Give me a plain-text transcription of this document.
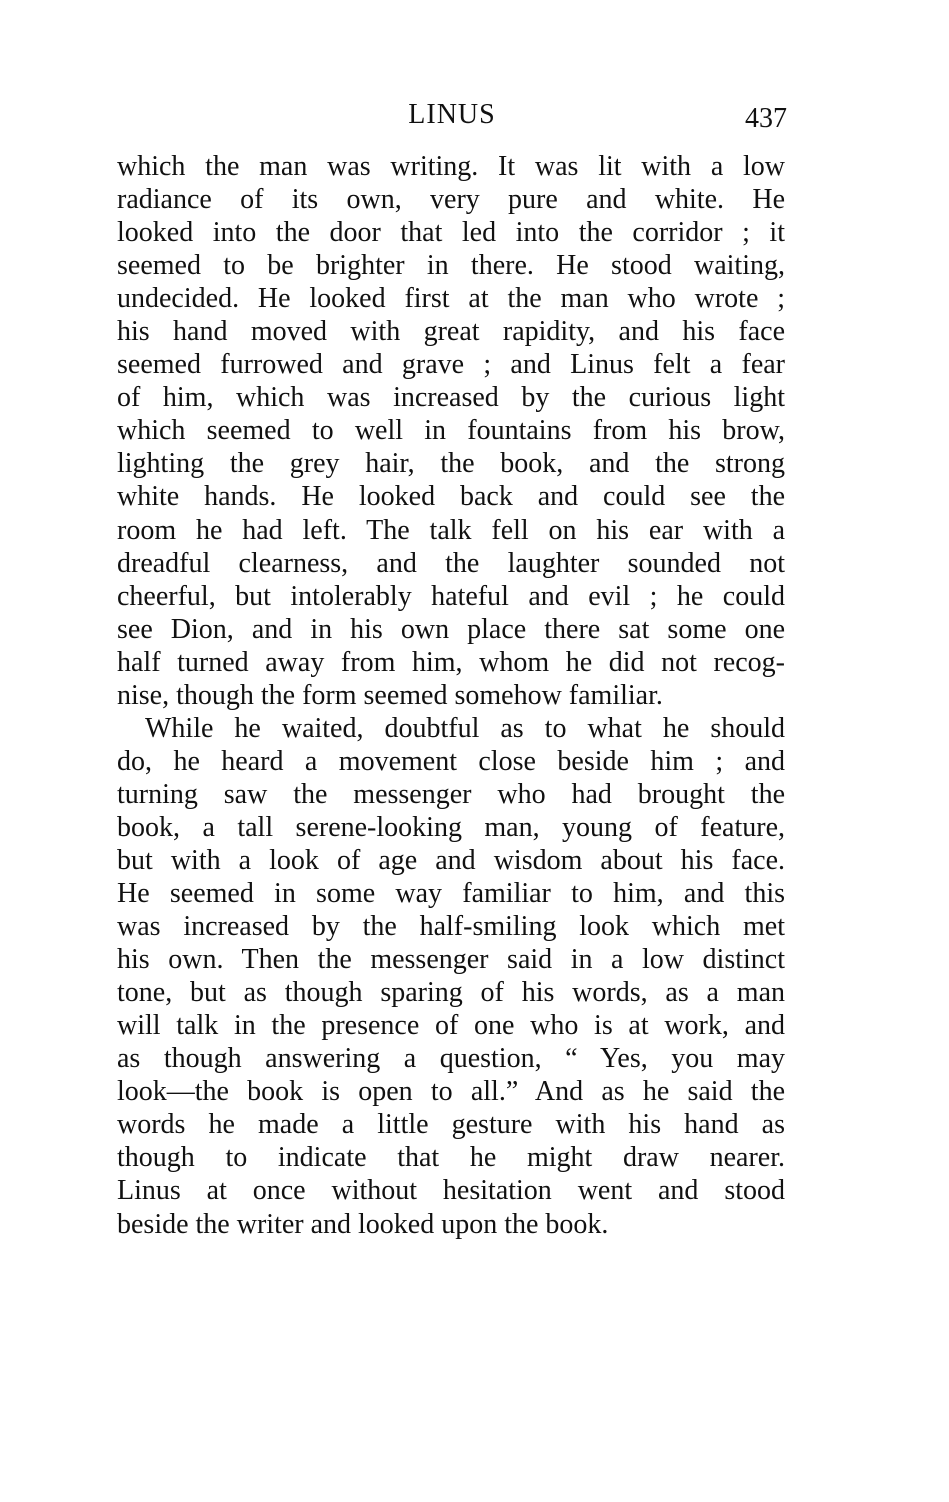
LINUS	437
which the man was writing. It was lit with a low
radiance of its own, very pure and white. He
looked into the door that led into the corridor ; it
seemed to be brighter in there. He stood waiting,
undecided. He looked first at the man who wrote ;
his hand moved with great rapidity, and his face
seemed furrowed and grave ; and Linus felt a fear
of him, which was increased by the curious light
which seemed to well in fountains from his brow,
lighting the grey hair, the book, and the strong
white hands. He looked back and could see the
room he had left. The talk fell on his ear with a
dreadful clearness, and the laughter sounded not
cheerful, but intolerably hateful and evil ; he could
see Dion, and in his own place there sat some one
half turned away from him, whom he did not recog-
nise, though the form seemed somehow familiar.
While he waited, doubtful as to what he should
do, he heard a movement close beside him ; and
turning saw the messenger who had brought the
book, a tall serene-looking man, young of feature,
but with a look of age and wisdom about his face.
He seemed in some way familiar to him, and this
was increased by the half-smiling look which met
his own. Then the messenger said in a low distinct
tone, but as though sparing of his words, as a man
will talk in the presence of one who is at work, and
as though answering a question, “ Yes, you may
look—the book is open to all.” And as he said the
words he made a little gesture with his hand as
though to indicate that he might draw nearer.
Linus at once without hesitation went and stood
beside the writer and looked upon the book.
